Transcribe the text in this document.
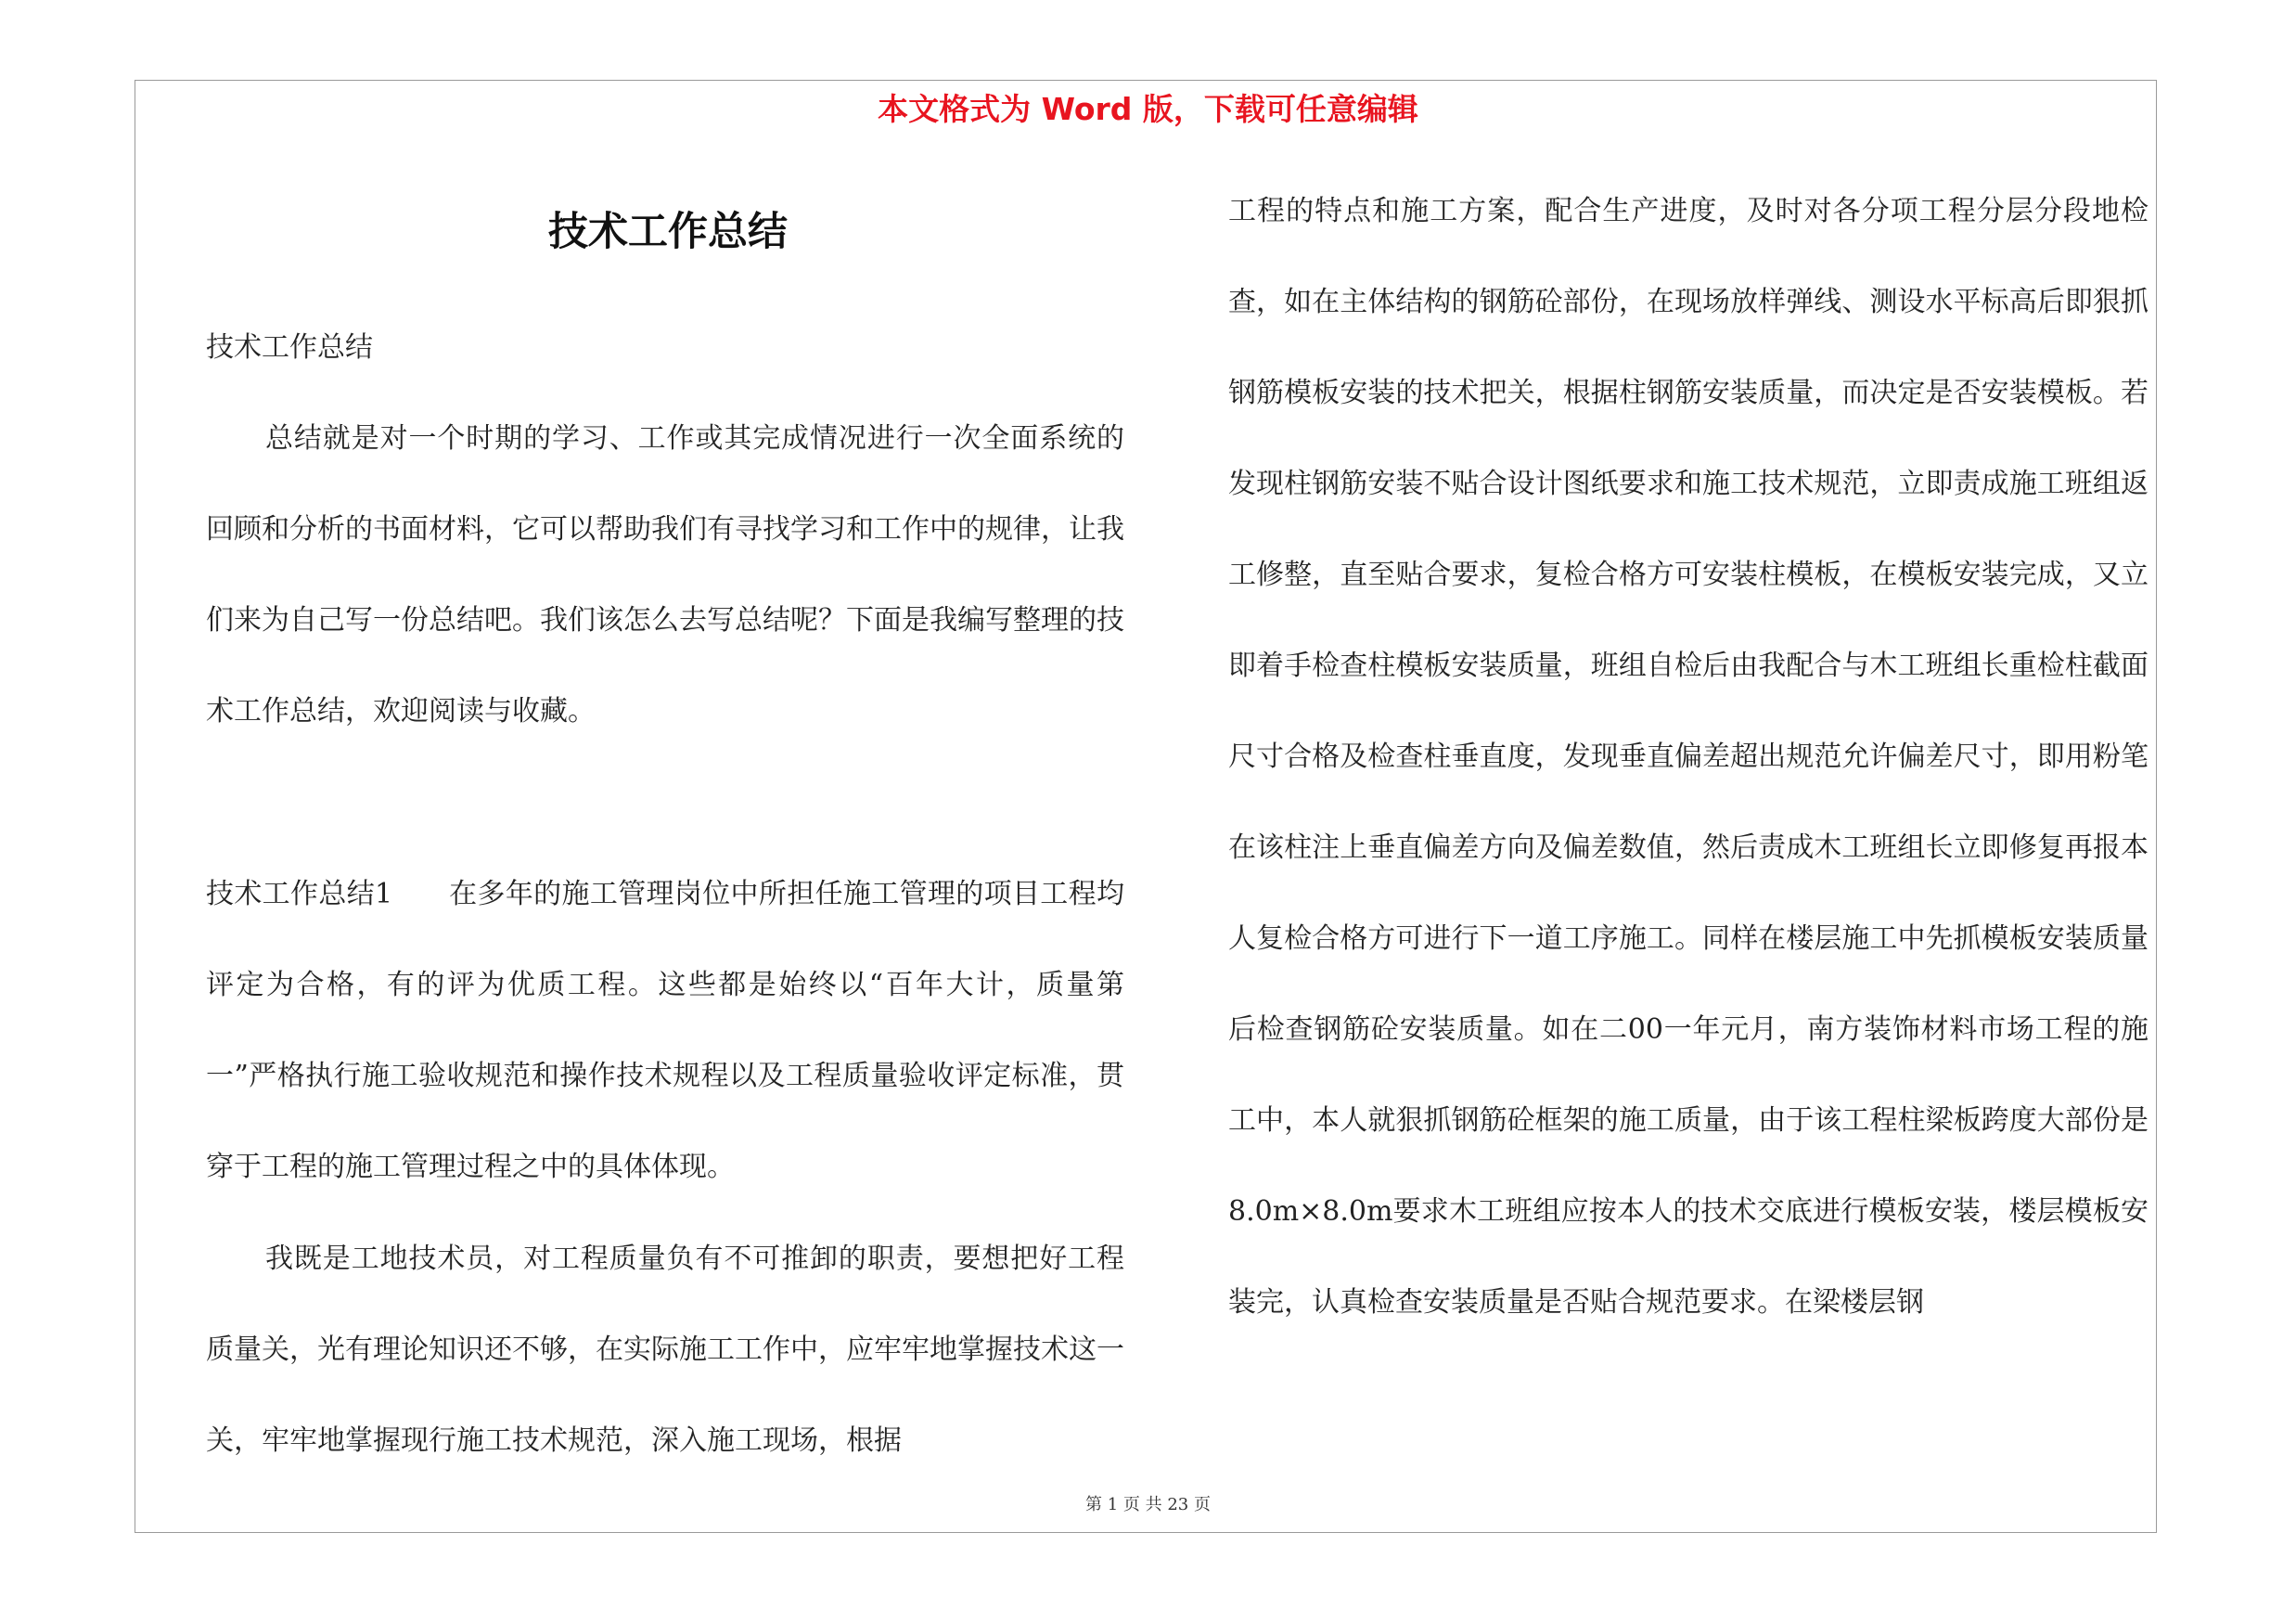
本文格式为 Word 版，下载可任意编辑
技术工作总结

技术工作总结

总结就是对一个时期的学习、工作或其完成情况进行一次全面系统的回顾和分析的书面材料，它可以帮助我们有寻找学习和工作中的规律，让我们来为自己写一份总结吧。我们该怎么去写总结呢？下面是我编写整理的技术工作总结，欢迎阅读与收藏。

技术工作总结1　　在多年的施工管理岗位中所担任施工管理的项目工程均评定为合格，有的评为优质工程。这些都是始终以“百年大计，质量第一”严格执行施工验收规范和操作技术规程以及工程质量验收评定标准，贯穿于工程的施工管理过程之中的具体体现。

我既是工地技术员，对工程质量负有不可推卸的职责，要想把好工程质量关，光有理论知识还不够，在实际施工工作中，应牢牢地掌握技术这一关，牢牢地掌握现行施工技术规范，深入施工现场，根据

工程的特点和施工方案，配合生产进度，及时对各分项工程分层分段地检查，如在主体结构的钢筋砼部份，在现场放样弹线、测设水平标高后即狠抓钢筋模板安装的技术把关，根据柱钢筋安装质量，而决定是否安装模板。若发现柱钢筋安装不贴合设计图纸要求和施工技术规范，立即责成施工班组返工修整，直至贴合要求，复检合格方可安装柱模板，在模板安装完成，又立即着手检查柱模板安装质量，班组自检后由我配合与木工班组长重检柱截面尺寸合格及检查柱垂直度，发现垂直偏差超出规范允许偏差尺寸，即用粉笔在该柱注上垂直偏差方向及偏差数值，然后责成木工班组长立即修复再报本人复检合格方可进行下一道工序施工。同样在楼层施工中先抓模板安装质量后检查钢筋砼安装质量。如在二00一年元月，南方装饰材料市场工程的施工中，本人就狠抓钢筋砼框架的施工质量，由于该工程柱梁板跨度大部份是8.0m×8.0m要求木工班组应按本人的技术交底进行模板安装，楼层模板安装完，认真检查安装质量是否贴合规范要求。在梁楼层钢

第 1 页 共 23 页
